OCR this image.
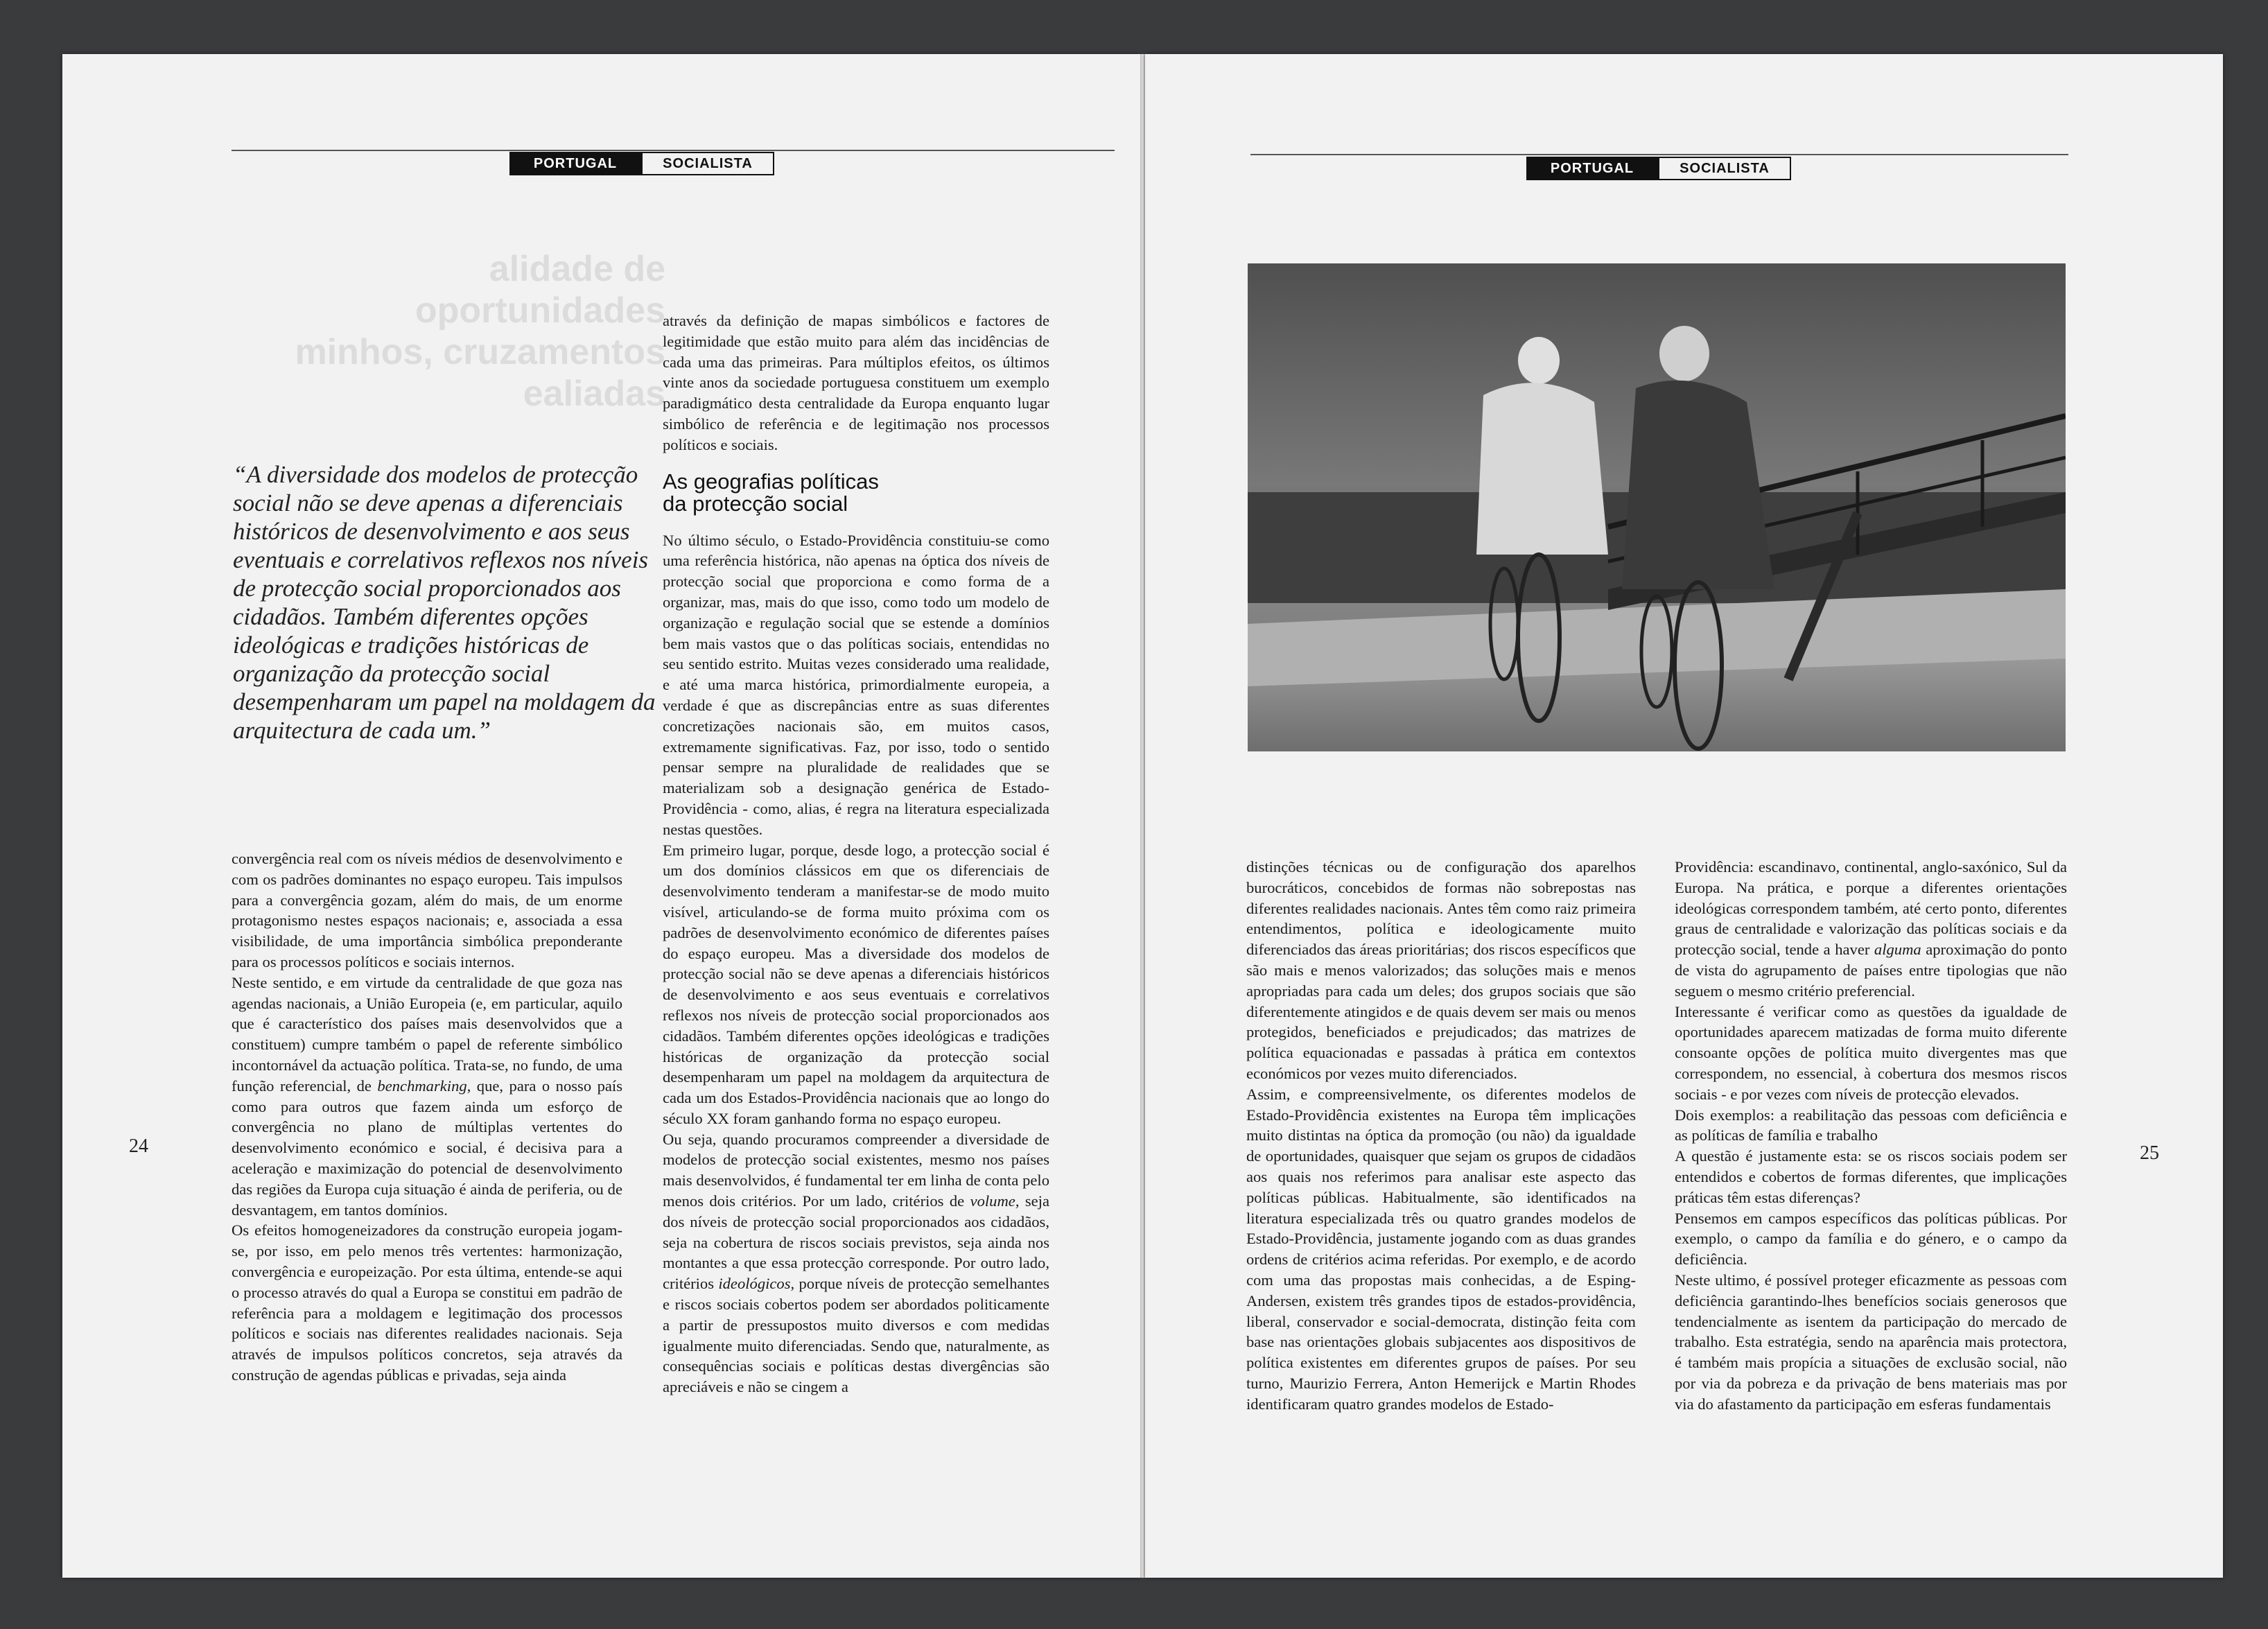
PORTUGAL	SOCIALISTA
alidade de oportunidades
minhos, cruzamentos
ealiadas
“A diversidade dos modelos de protecção social não se deve apenas a diferenciais históricos de desenvolvimento e aos seus eventuais e correlativos reflexos nos níveis de protecção social proporcionados aos cidadãos. Também diferentes opções ideológicas e tradições históricas de organização da protecção social desempenharam um papel na moldagem da arquitectura de cada um.”

convergência real com os níveis médios de desenvolvimento e com os padrões dominantes no espaço europeu. Tais impulsos para a convergência gozam, além do mais, de um enorme protagonismo nestes espaços nacionais; e, associada a essa visibilidade, de uma importância simbólica preponderante para os processos políticos e sociais internos.

Neste sentido, e em virtude da centralidade de que goza nas agendas nacionais, a União Europeia (e, em particular, aquilo que é característico dos países mais desenvolvidos que a constituem) cumpre também o papel de referente simbólico incontornável da actuação política. Trata-se, no fundo, de uma função referencial, de benchmarking, que, para o nosso país como para outros que fazem ainda um esforço de convergência no plano de múltiplas vertentes do desenvolvimento económico e social, é decisiva para a aceleração e maximização do potencial de desenvolvimento das regiões da Europa cuja situação é ainda de periferia, ou de desvantagem, em tantos domínios.

Os efeitos homogeneizadores da construção europeia jogam-se, por isso, em pelo menos três vertentes: harmonização, convergência e europeização. Por esta última, entende-se aqui o processo através do qual a Europa se constitui em padrão de referência para a moldagem e legitimação dos processos políticos e sociais nas diferentes realidades nacionais. Seja através de impulsos políticos concretos, seja através da construção de agendas públicas e privadas, seja ainda

através da definição de mapas simbólicos e factores de legitimidade que estão muito para além das incidências de cada uma das primeiras. Para múltiplos efeitos, os últimos vinte anos da sociedade portuguesa constituem um exemplo paradigmático desta centralidade da Europa enquanto lugar simbólico de referência e de legitimação nos processos políticos e sociais.

As geografias políticas
da protecção social

No último século, o Estado-Providência constituiu-se como uma referência histórica, não apenas na óptica dos níveis de protecção social que proporciona e como forma de a organizar, mas, mais do que isso, como todo um modelo de organização e regulação social que se estende a domínios bem mais vastos que o das políticas sociais, entendidas no seu sentido estrito. Muitas vezes considerado uma realidade, e até uma marca histórica, primordialmente europeia, a verdade é que as discrepâncias entre as suas diferentes concretizações nacionais são, em muitos casos, extremamente significativas. Faz, por isso, todo o sentido pensar sempre na pluralidade de realidades que se materializam sob a designação genérica de Estado-Providência - como, alias, é regra na literatura especializada nestas questões.

Em primeiro lugar, porque, desde logo, a protecção social é um dos domínios clássicos em que os diferenciais de desenvolvimento tenderam a manifestar-se de modo muito visível, articulando-se de forma muito próxima com os padrões de desenvolvimento económico de diferentes países do espaço europeu. Mas a diversidade dos modelos de protecção social não se deve apenas a diferenciais históricos de desenvolvimento e aos seus eventuais e correlativos reflexos nos níveis de protecção social proporcionados aos cidadãos. Também diferentes opções ideológicas e tradições históricas de organização da protecção social desempenharam um papel na moldagem da arquitectura de cada um dos Estados-Providência nacionais que ao longo do século XX foram ganhando forma no espaço europeu.

Ou seja, quando procuramos compreender a diversidade de modelos de protecção social existentes, mesmo nos países mais desenvolvidos, é fundamental ter em linha de conta pelo menos dois critérios. Por um lado, critérios de volume, seja dos níveis de protecção social proporcionados aos cidadãos, seja na cobertura de riscos sociais previstos, seja ainda nos montantes a que essa protecção corresponde. Por outro lado, critérios ideológicos, porque níveis de protecção semelhantes e riscos sociais cobertos podem ser abordados politicamente a partir de pressupostos muito diversos e com medidas igualmente muito diferenciadas. Sendo que, naturalmente, as consequências sociais e políticas destas divergências são apreciáveis e não se cingem a

24
PORTUGAL	SOCIALISTA

distinções técnicas ou de configuração dos aparelhos burocráticos, concebidos de formas não sobrepostas nas diferentes realidades nacionais. Antes têm como raiz primeira entendimentos, política e ideologicamente muito diferenciados das áreas prioritárias; dos riscos específicos que são mais e menos valorizados; das soluções mais e menos apropriadas para cada um deles; dos grupos sociais que são diferentemente atingidos e de quais devem ser mais ou menos protegidos, beneficiados e prejudicados; das matrizes de política equacionadas e passadas à prática em contextos económicos por vezes muito diferenciados.

Assim, e compreensivelmente, os diferentes modelos de Estado-Providência existentes na Europa têm implicações muito distintas na óptica da promoção (ou não) da igualdade de oportunidades, quaisquer que sejam os grupos de cidadãos aos quais nos referimos para analisar este aspecto das políticas públicas. Habitualmente, são identificados na literatura especializada três ou quatro grandes modelos de Estado-Providência, justamente jogando com as duas grandes ordens de critérios acima referidas. Por exemplo, e de acordo com uma das propostas mais conhecidas, a de Esping-Andersen, existem três grandes tipos de estados-providência, liberal, conservador e social-democrata, distinção feita com base nas orientações globais subjacentes aos dispositivos de política existentes em diferentes grupos de países. Por seu turno, Maurizio Ferrera, Anton Hemerijck e Martin Rhodes identificaram quatro grandes modelos de Estado-

Providência: escandinavo, continental, anglo-saxónico, Sul da Europa. Na prática, e porque a diferentes orientações ideológicas correspondem também, até certo ponto, diferentes graus de centralidade e valorização das políticas sociais e da protecção social, tende a haver alguma aproximação do ponto de vista do agrupamento de países entre tipologias que não seguem o mesmo critério preferencial.

Interessante é verificar como as questões da igualdade de oportunidades aparecem matizadas de forma muito diferente consoante opções de política muito divergentes mas que correspondem, no essencial, à cobertura dos mesmos riscos sociais - e por vezes com níveis de protecção elevados.

Dois exemplos: a reabilitação das pessoas com deficiência e as políticas de família e trabalho

A questão é justamente esta: se os riscos sociais podem ser entendidos e cobertos de formas diferentes, que implicações práticas têm estas diferenças?

Pensemos em campos específicos das políticas públicas. Por exemplo, o campo da família e do género, e o campo da deficiência.

Neste ultimo, é possível proteger eficazmente as pessoas com deficiência garantindo-lhes benefícios sociais generosos que tendencialmente as isentem da participação do mercado de trabalho. Esta estratégia, sendo na aparência mais protectora, é também mais propícia a situações de exclusão social, não por via da pobreza e da privação de bens materiais mas por via do afastamento da participação em esferas fundamentais

25
